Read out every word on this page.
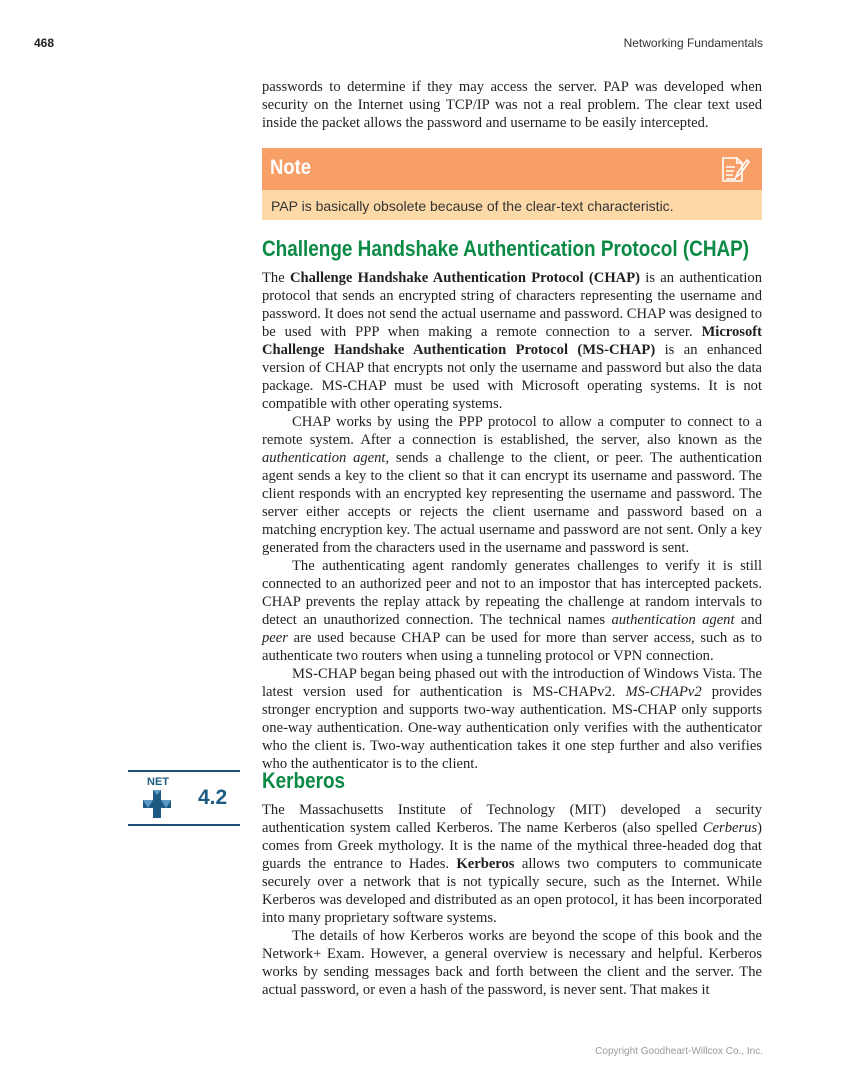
468	Networking Fundamentals

passwords to determine if they may access the server. PAP was developed when security on the Internet using TCP/IP was not a real problem. The clear text used inside the packet allows the password and username to be easily intercepted.

Note
PAP is basically obsolete because of the clear-text characteristic.
Challenge Handshake Authentication Protocol (CHAP)

The Challenge Handshake Authentication Protocol (CHAP) is an authentication protocol that sends an encrypted string of characters representing the username and password. It does not send the actual username and password. CHAP was designed to be used with PPP when making a remote connection to a server. Microsoft Challenge Handshake Authentication Protocol (MS-CHAP) is an enhanced version of CHAP that encrypts not only the username and password but also the data package. MS-CHAP must be used with Microsoft operating systems. It is not compatible with other operating systems.

CHAP works by using the PPP protocol to allow a computer to connect to a remote system. After a connection is established, the server, also known as the authentication agent, sends a challenge to the client, or peer. The authentication agent sends a key to the client so that it can encrypt its username and password. The client responds with an encrypted key representing the username and password. The server either accepts or rejects the client username and password based on a matching encryption key. The actual username and password are not sent. Only a key generated from the characters used in the username and password is sent.

The authenticating agent randomly generates challenges to verify it is still connected to an authorized peer and not to an impostor that has intercepted packets. CHAP prevents the replay attack by repeating the challenge at random intervals to detect an unauthorized connection. The technical names authentication agent and peer are used because CHAP can be used for more than server access, such as to authenticate two routers when using a tunneling protocol or VPN connection.

MS-CHAP began being phased out with the introduction of Windows Vista. The latest version used for authentication is MS-CHAPv2. MS-CHAPv2 provides stronger encryption and supports two-way authentication. MS-CHAP only supports one-way authentication. One-way authentication only verifies with the authenticator who the client is. Two-way authentication takes it one step further and also verifies who the authenticator is to the client.

NET
4.2
Kerberos

The Massachusetts Institute of Technology (MIT) developed a security authentication system called Kerberos. The name Kerberos (also spelled Cerberus) comes from Greek mythology. It is the name of the mythical three-headed dog that guards the entrance to Hades. Kerberos allows two computers to communicate securely over a network that is not typically secure, such as the Internet. While Kerberos was developed and distributed as an open protocol, it has been incorporated into many proprietary software systems.

The details of how Kerberos works are beyond the scope of this book and the Network+ Exam. However, a general overview is necessary and helpful. Kerberos works by sending messages back and forth between the client and the server. The actual password, or even a hash of the password, is never sent. That makes it

Copyright Goodheart-Willcox Co., Inc.
